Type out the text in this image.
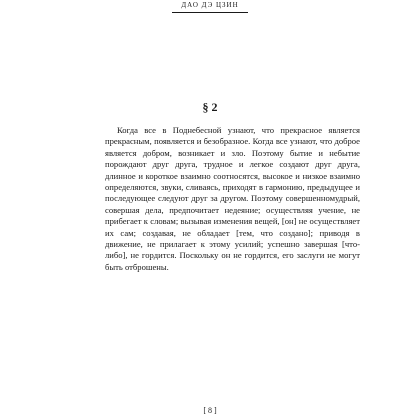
ДАО ДЭ ЦЗИН
§ 2

Когда все в Поднебесной узнают, что прекрасное является прекрасным, появляется и безобразное. Когда все узнают, что доброе является добром, возникает и зло. Поэтому бытие и небытие порождают друг друга, трудное и легкое создают друг друга, длинное и короткое взаимно соотносятся, высокое и низкое взаимно определяются, звуки, сливаясь, приходят в гармонию, предыдущее и последующее следуют друг за другом. Поэтому совершенномудрый, совершая дела, предпочитает недеяние; осуществляя учение, не прибегает к словам; вызывая изменения вещей, [он] не осуществляет их сам; создавая, не обладает [тем, что создано]; приводя в движение, не прилагает к этому усилий; успешно завершая [что-либо], не гордится. Поскольку он не гордится, его заслуги не могут быть отброшены.

[ 8 ]
